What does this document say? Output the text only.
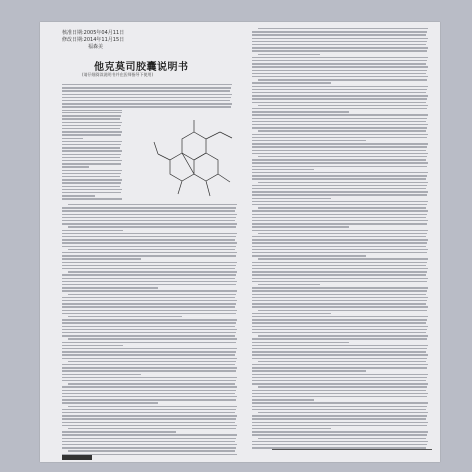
核准日期:2005年04月11日
修改日期:2014年11月15日
福森美
他克莫司胶囊说明书
(请仔细阅读说明书并在医师指导下使用)
